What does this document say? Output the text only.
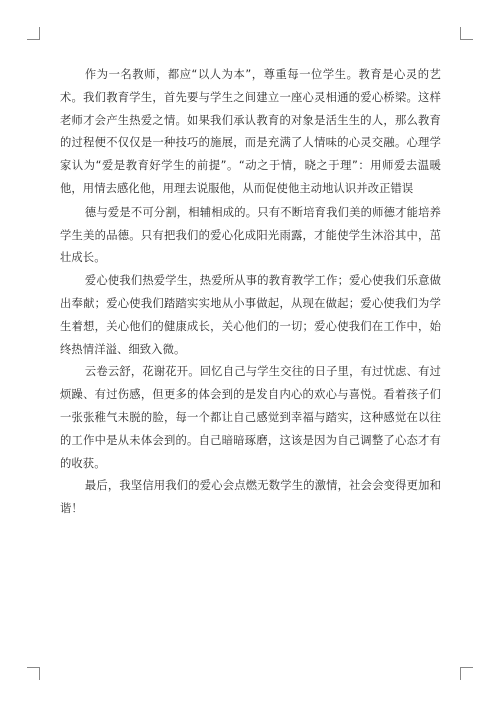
作为一名教师，都应“以人为本”，尊重每一位学生。教育是心灵的艺术。我们教育学生，首先要与学生之间建立一座心灵相通的爱心桥梁。这样老师才会产生热爱之情。如果我们承认教育的对象是活生生的人，那么教育的过程便不仅仅是一种技巧的施展，而是充满了人情味的心灵交融。心理学家认为“爱是教育好学生的前提”。“动之于情，晓之于理”：用师爱去温暖他，用情去感化他，用理去说服他，从而促使他主动地认识并改正错误

德与爱是不可分割，相辅相成的。只有不断培育我们美的师德才能培养学生美的品德。只有把我们的爱心化成阳光雨露，才能使学生沐浴其中，茁壮成长。

爱心使我们热爱学生，热爱所从事的教育教学工作；爱心使我们乐意做出奉献；爱心使我们踏踏实实地从小事做起，从现在做起；爱心使我们为学生着想，关心他们的健康成长，关心他们的一切；爱心使我们在工作中，始终热情洋溢、细致入微。

云卷云舒，花谢花开。回忆自己与学生交往的日子里，有过忧虑、有过烦躁、有过伤感，但更多的体会到的是发自内心的欢心与喜悦。看着孩子们一张张稚气未脱的脸，每一个都让自己感觉到幸福与踏实，这种感觉在以往的工作中是从未体会到的。自己暗暗琢磨，这该是因为自己调整了心态才有的收获。

最后，我坚信用我们的爱心会点燃无数学生的激情，社会会变得更加和谐！
